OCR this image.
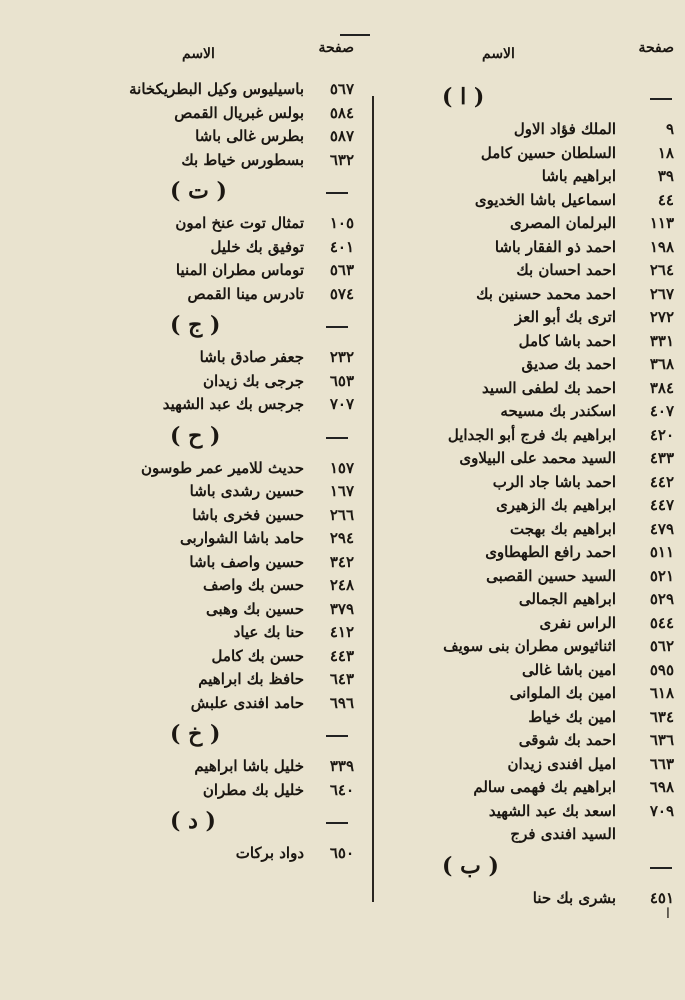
صفحة
الاسم
٥٦٧
باسيليوس وكيل البطريكخانة
٥٨٤
بولس غبريال القمص
٥٨٧
بطرس غالى باشا
٦٣٢
بسطورس خياط بك
( ت )
١٠٥
تمثال توت عنخ امون
٤٠١
توفيق بك خليل
٥٦٣
توماس مطران المنيا
٥٧٤
تادرس مينا القمص
( ج )
٢٣٢
جعفر صادق باشا
٦٥٣
جرجى بك زيدان
٧٠٧
جرجس بك عبد الشهيد
( ح )
١٥٧
حديث للامير عمر طوسون
١٦٧
حسين رشدى باشا
٢٦٦
حسين فخرى باشا
٢٩٤
حامد باشا الشواربى
٣٤٢
حسين واصف باشا
٢٤٨
حسن بك واصف
٣٧٩
حسين بك وهبى
٤١٢
حنا بك عياد
٤٤٣
حسن بك كامل
٦٤٣
حافظ بك ابراهيم
٦٩٦
حامد افندى علبش
( خ )
٣٣٩
خليل باشا ابراهيم
٦٤٠
خليل بك مطران
( د )
٦٥٠
دواد بركات
صفحة
الاسم
( ا )
٩
الملك فؤاد الاول
١٨
السلطان حسين كامل
٣٩
ابراهيم باشا
٤٤
اسماعيل باشا الخديوى
١١٣
البرلمان المصرى
١٩٨
احمد ذو الفقار باشا
٢٦٤
احمد احسان بك
٢٦٧
احمد محمد حسنين بك
٢٧٢
اترى بك أبو العز
٣٣١
احمد باشا كامل
٣٦٨
احمد بك صديق
٣٨٤
احمد بك لطفى السيد
٤٠٧
اسكندر بك مسيحه
٤٢٠
ابراهيم بك فرج أبو الجدايل
٤٣٣
السيد محمد على البيلاوى
٤٤٢
احمد باشا جاد الرب
٤٤٧
ابراهيم بك الزهيرى
٤٧٩
ابراهيم بك بهجت
٥١١
احمد رافع الطهطاوى
٥٢١
السيد حسين القصبى
٥٢٩
ابراهيم الجمالى
٥٤٤
الراس نفرى
٥٦٢
اثناثيوس مطران بنى سويف
٥٩٥
امين باشا غالى
٦١٨
امين بك الملوانى
٦٣٤
امين بك خياط
٦٣٦
احمد بك شوقى
٦٦٣
اميل افندى زيدان
٦٩٨
ابراهيم بك فهمى سالم
٧٠٩
اسعد بك عبد الشهيد
السيد افندى فرج
( ب )
٤٥١
بشرى بك حنا
ا
